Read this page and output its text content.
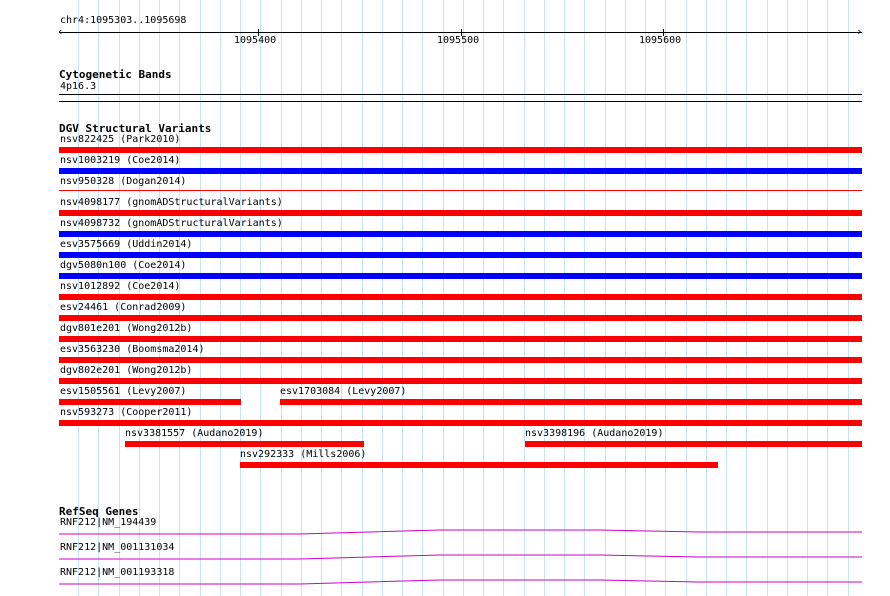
chr4:1095303..1095698
‹	›
1095400	1095500	1095600
Cytogenetic Bands
4p16.3
DGV Structural Variants
nsv822425 (Park2010)
nsv1003219 (Coe2014)
nsv950328 (Dogan2014)
nsv4098177 (gnomADStructuralVariants)
nsv4098732 (gnomADStructuralVariants)
esv3575669 (Uddin2014)
dgv5080n100 (Coe2014)
nsv1012892 (Coe2014)
esv24461 (Conrad2009)
dgv801e201 (Wong2012b)
esv3563230 (Boomsma2014)
dgv802e201 (Wong2012b)
esv1505561 (Levy2007)	esv1703084 (Levy2007)
nsv593273 (Cooper2011)
nsv3381557 (Audano2019)	nsv3398196 (Audano2019)
nsv292333 (Mills2006)
RefSeq Genes
RNF212|NM_194439
RNF212|NM_001131034
RNF212|NM_001193318
